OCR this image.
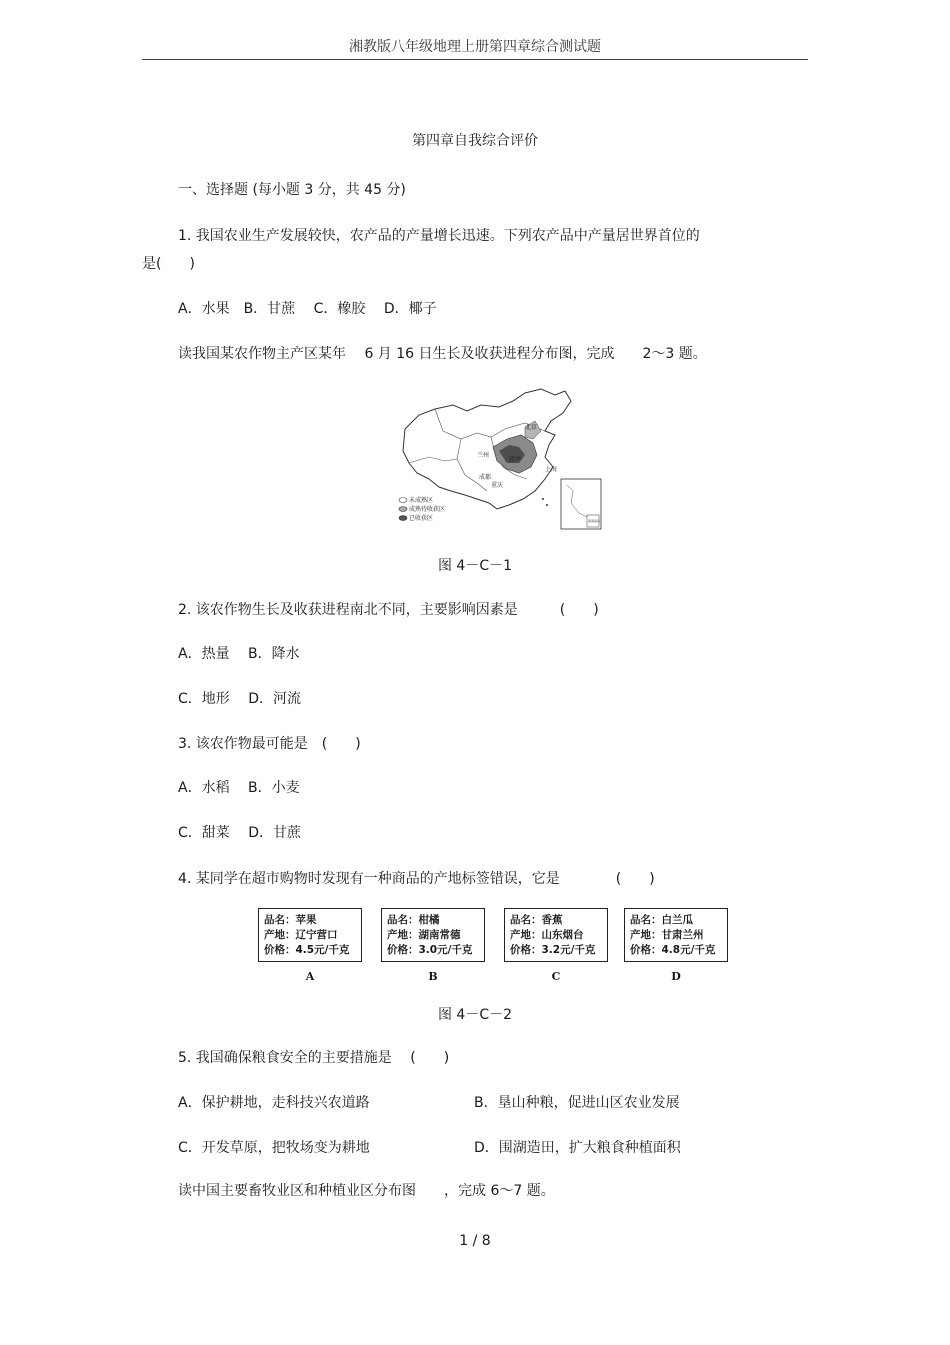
湘教版八年级地理上册第四章综合测试题
第四章自我综合评价
一、选择题 (每小题 3 分，共 45 分)
1. 我国农业生产发展较快，农产品的产量增长迅速。下列农产品中产量居世界首位的
是(　　)
A．水果　B．甘蔗　 C．橡胶　 D．椰子
读我国某农作物主产区某年　 6 月 16 日生长及收获进程分布图，完成　　2～3 题。
兰州
成都
重庆
郑州
上海
北京
未成熟区
成熟待收获区
已收获区	南海诸岛
图 4－C－1
2. 该农作物生长及收获进程南北不同，主要影响因素是　　　(　　)
A．热量　 B．降水
C．地形　 D．河流
3. 该农作物最可能是　(　　)
A．水稻　 B．小麦
C．甜菜　 D．甘蔗
4. 某同学在超市购物时发现有一种商品的产地标签错误，它是　　　　(　　)
品名：苹果
产地：辽宁营口
价格：4.5元/千克
A
品名：柑橘
产地：湖南常德
价格：3.0元/千克
B
品名：香蕉
产地：山东烟台
价格：3.2元/千克
C
品名：白兰瓜
产地：甘肃兰州
价格：4.8元/千克
D
图 4－C－2
5. 我国确保粮食安全的主要措施是　 (　　)
A．保护耕地，走科技兴农道路	B．垦山种粮，促进山区农业发展
C．开发草原，把牧场变为耕地	D．围湖造田，扩大粮食种植面积
读中国主要畜牧业区和种植业区分布图　　，完成 6～7 题。
1 / 8
